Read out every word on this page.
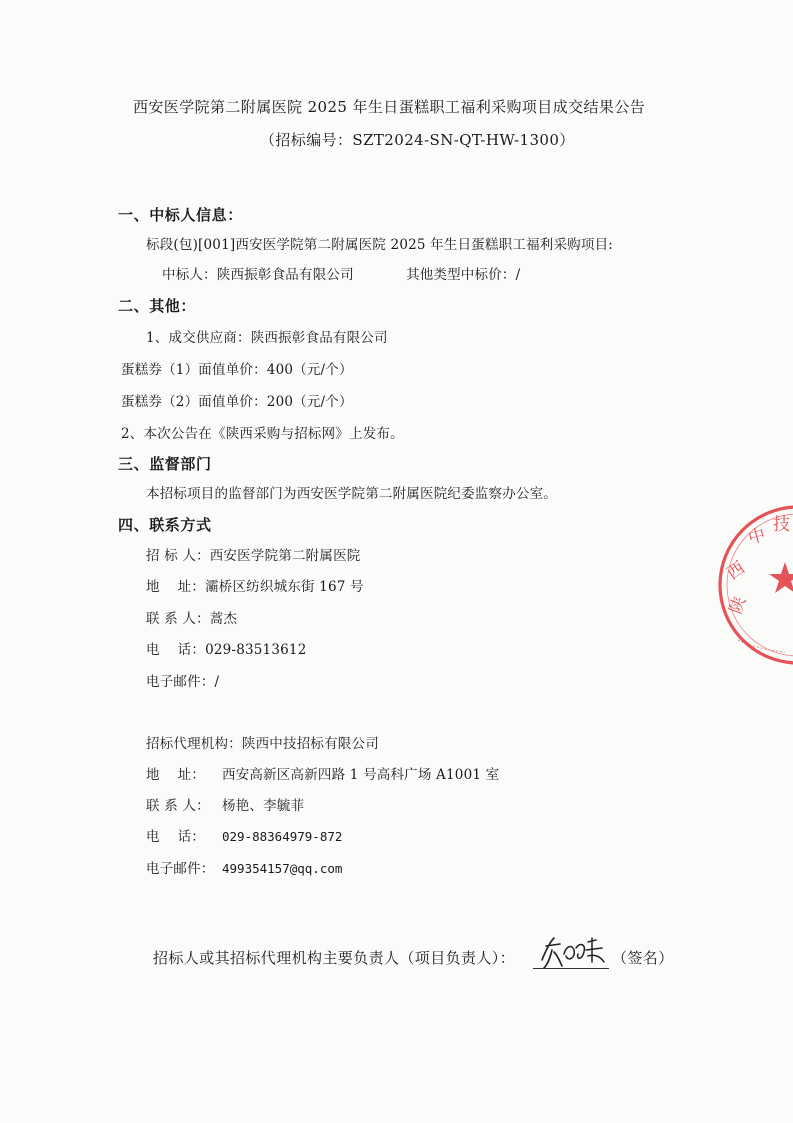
西安医学院第二附属医院 2025 年生日蛋糕职工福利采购项目成交结果公告
（招标编号：SZT2024-SN-QT-HW-1300）
一、中标人信息：
标段(包)[001]西安医学院第二附属医院 2025 年生日蛋糕职工福利采购项目:
中标人：陕西振彰食品有限公司	其他类型中标价：/
二、其他：
1、成交供应商：陕西振彰食品有限公司
蛋糕券（1）面值单价：400（元/个）
蛋糕券（2）面值单价：200（元/个）
2、本次公告在《陕西采购与招标网》上发布。
三、监督部门
本招标项目的监督部门为西安医学院第二附属医院纪委监察办公室。
四、联系方式
招 标 人：西安医学院第二附属医院
地    址：灞桥区纺织城东街 167 号
联 系 人：蒿杰
电    话：029-83513612
电子邮件：/
招标代理机构：陕西中技招标有限公司
地    址： 西安高新区高新四路 1 号高科广场 A1001 室
联 系 人： 杨艳、李毓菲
电    话： 029-88364979-872
电子邮件： 499354157@qq.com
招标人或其招标代理机构主要负责人（项目负责人）：	（签名）
陕
西
中
技
